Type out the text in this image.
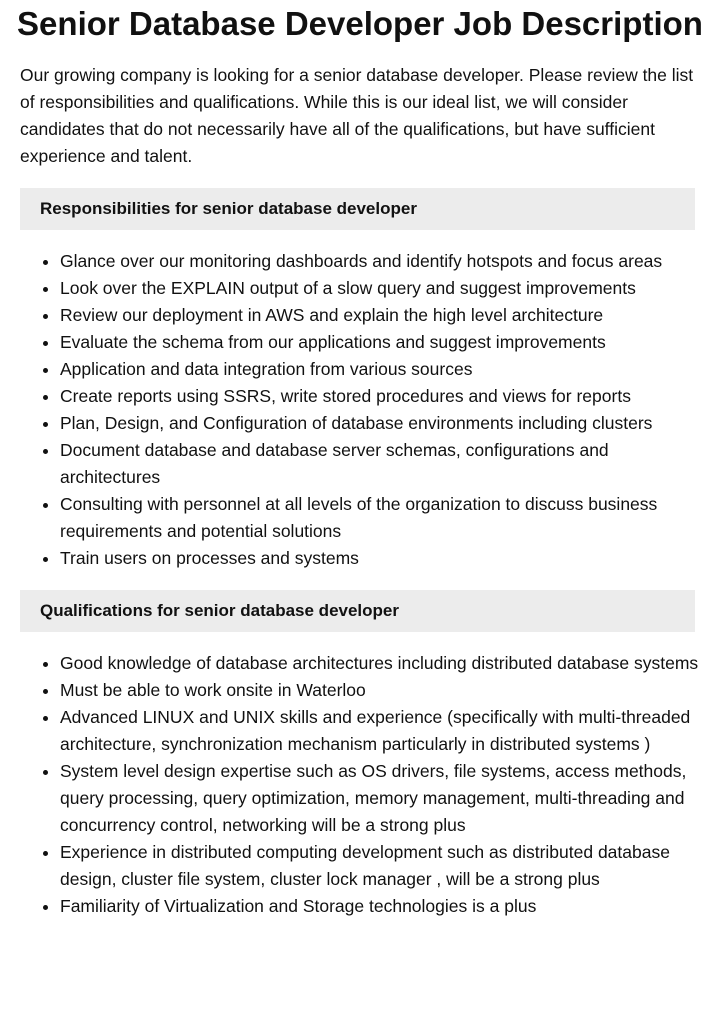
Senior Database Developer Job Description

Our growing company is looking for a senior database developer. Please review the list of responsibilities and qualifications. While this is our ideal list, we will consider candidates that do not necessarily have all of the qualifications, but have sufficient experience and talent.

Responsibilities for senior database developer
• Glance over our monitoring dashboards and identify hotspots and focus areas
• Look over the EXPLAIN output of a slow query and suggest improvements
• Review our deployment in AWS and explain the high level architecture
• Evaluate the schema from our applications and suggest improvements
• Application and data integration from various sources
• Create reports using SSRS, write stored procedures and views for reports
• Plan, Design, and Configuration of database environments including clusters
• Document database and database server schemas, configurations and architectures
• Consulting with personnel at all levels of the organization to discuss business requirements and potential solutions
• Train users on processes and systems
Qualifications for senior database developer
• Good knowledge of database architectures including distributed database systems
• Must be able to work onsite in Waterloo
• Advanced LINUX and UNIX skills and experience (specifically with multi-threaded architecture, synchronization mechanism particularly in distributed systems )
• System level design expertise such as OS drivers, file systems, access methods, query processing, query optimization, memory management, multi-threading and concurrency control, networking will be a strong plus
• Experience in distributed computing development such as distributed database design, cluster file system, cluster lock manager , will be a strong plus
• Familiarity of Virtualization and Storage technologies is a plus
